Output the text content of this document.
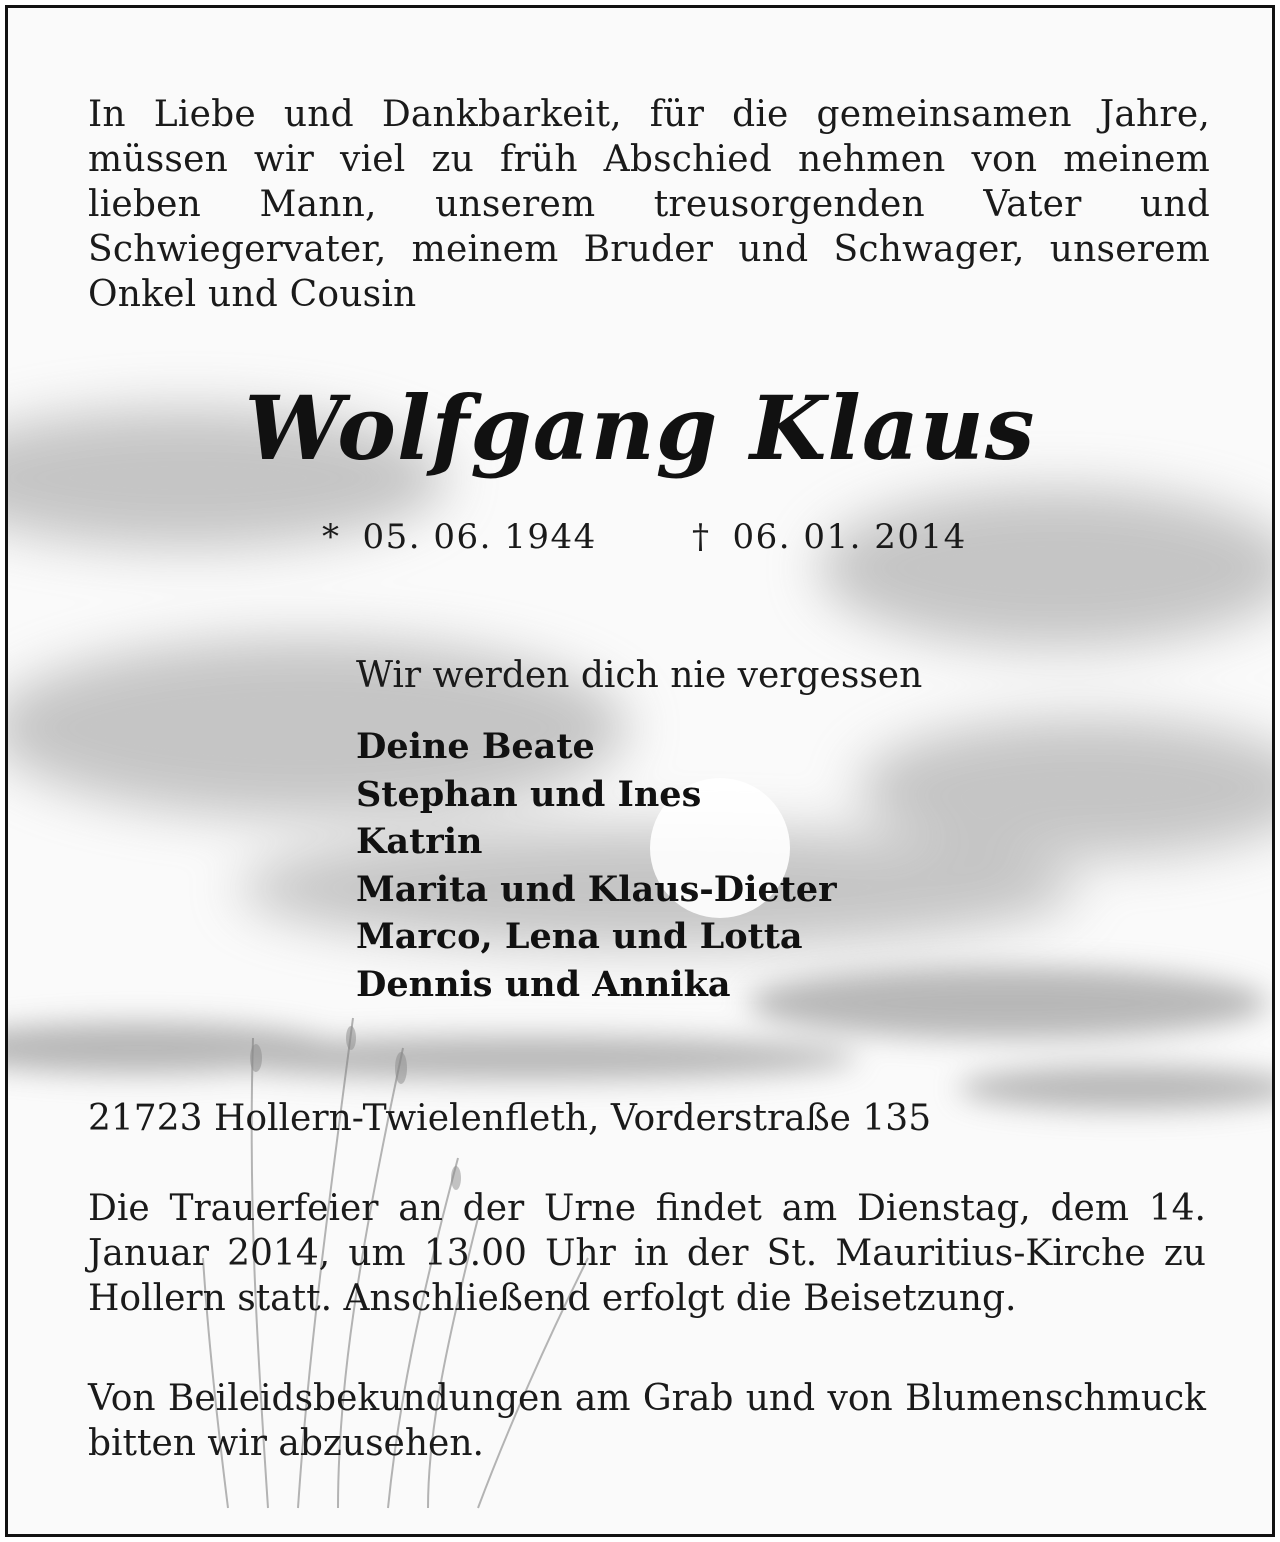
In Liebe und Dankbarkeit, für die gemeinsamen Jahre, müssen wir viel zu früh Abschied nehmen von meinem lieben Mann, unserem treusorgenden Vater und Schwiegervater, meinem Bruder und Schwager, unserem Onkel und Cousin

Wolfgang Klaus
* 05. 06. 1944	† 06. 01. 2014

Wir werden dich nie vergessen

Deine Beate
Stephan und Ines
Katrin
Marita und Klaus-Dieter
Marco, Lena und Lotta
Dennis und Annika

21723 Hollern-Twielenfleth, Vorderstraße 135

Die Trauerfeier an der Urne findet am Dienstag, dem 14. Januar 2014, um 13.00 Uhr in der St. Mauritius-Kirche zu Hollern statt. Anschließend erfolgt die Beisetzung.

Von Beileidsbekundungen am Grab und von Blumenschmuck bitten wir abzusehen.
